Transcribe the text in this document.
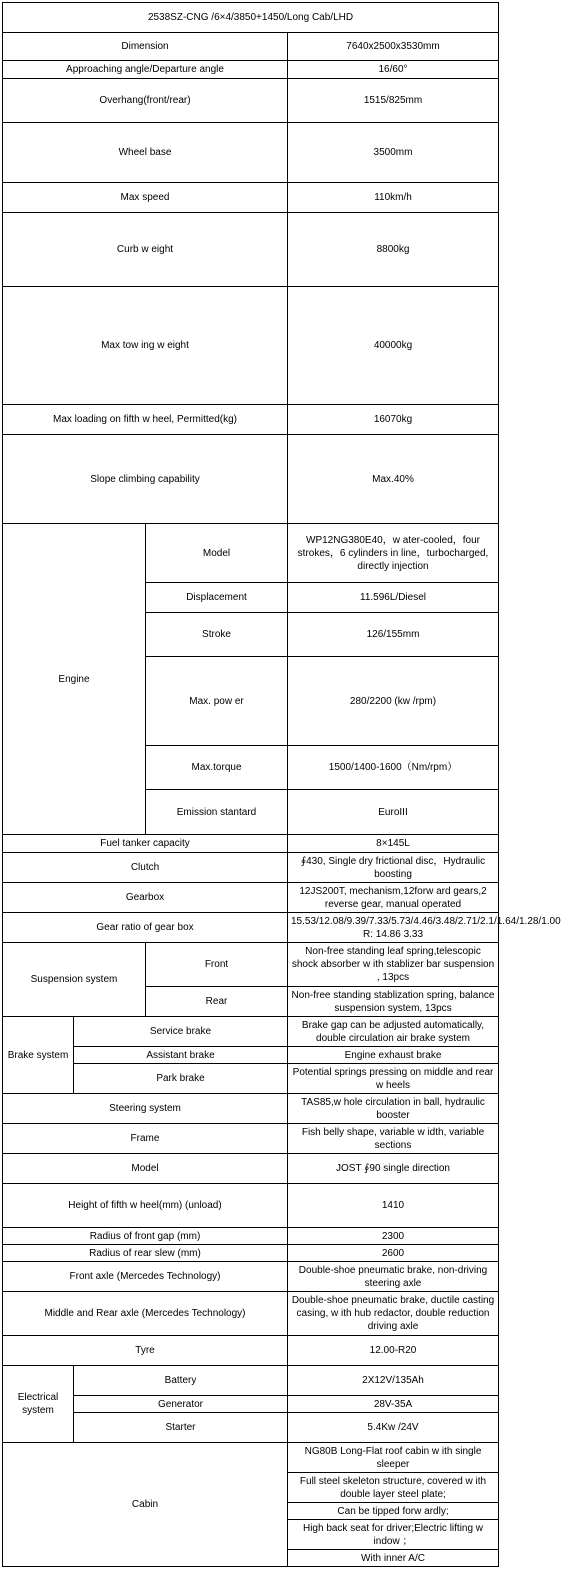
2538SZ-CNG /6×4/3850+1450/Long Cab/LHD			
Dimension			7640x2500x3530mm
Approaching angle/Departure angle			16/60°
Overhang(front/rear)			1515/825mm
Wheel base			3500mm
Max speed			110km/h
Curb w eight			8800kg
Max tow ing w eight			40000kg
Max loading on fifth w heel, Permitted(kg)			16070kg
Slope climbing capability			Max.40%
Engine		Model	WP12NG380E40，w ater-cooled，four strokes，6 cylinders in line，turbocharged, directly injection
		Displacement	11.596L/Diesel
		Stroke	126/155mm
		Max. pow er	280/2200 (kw /rpm)
		Max.torque	1500/1400-1600（Nm/rpm）
		Emission stantard	EuroIII
Fuel tanker capacity			8×145L
Clutch			∮430, Single dry frictional disc，Hydraulic boosting
Gearbox			12JS200T, mechanism,12forw ard gears,2 reverse gear, manual operated
Gear ratio of gear box			15.53/12.08/9.39/7.33/5.73/4.46/3.48/2.71/2.1/1.64/1.28/1.00 R: 14.86 3.33
Suspension system		Front	Non-free standing leaf spring,telescopic shock absorber w ith stablizer bar suspension , 13pcs
		Rear	Non-free standing stablization spring, balance suspension system, 13pcs
Brake system	Service brake		Brake gap can be adjusted automatically, double circulation air brake system
	Assistant brake		Engine exhaust brake
	Park brake		Potential springs pressing on middle and rear w heels
Steering system			TAS85,w hole circulation in ball, hydraulic booster
Frame			Fish belly shape, variable w idth, variable sections
Model			JOST ∮90 single direction
Height of fifth w heel(mm) (unload)			1410
Radius of front gap (mm)			2300
Radius of rear slew (mm)			2600
Front axle (Mercedes Technology)			Double-shoe pneumatic brake, non-driving steering axle
Middle and Rear axle (Mercedes Technology)			Double-shoe pneumatic brake, ductile casting casing, w ith hub redactor, double reduction driving axle
Tyre			12.00-R20
Electrical system	Battery		2X12V/135Ah
	Generator		28V-35A
	Starter		5.4Kw /24V
Cabin			NG80B Long-Flat roof cabin w ith single sleeper
			Full steel skeleton structure, covered w ith double layer steel plate;
			Can be tipped forw ardly;
			High back seat for driver;Electric lifting w indow ；
			With inner A/C
